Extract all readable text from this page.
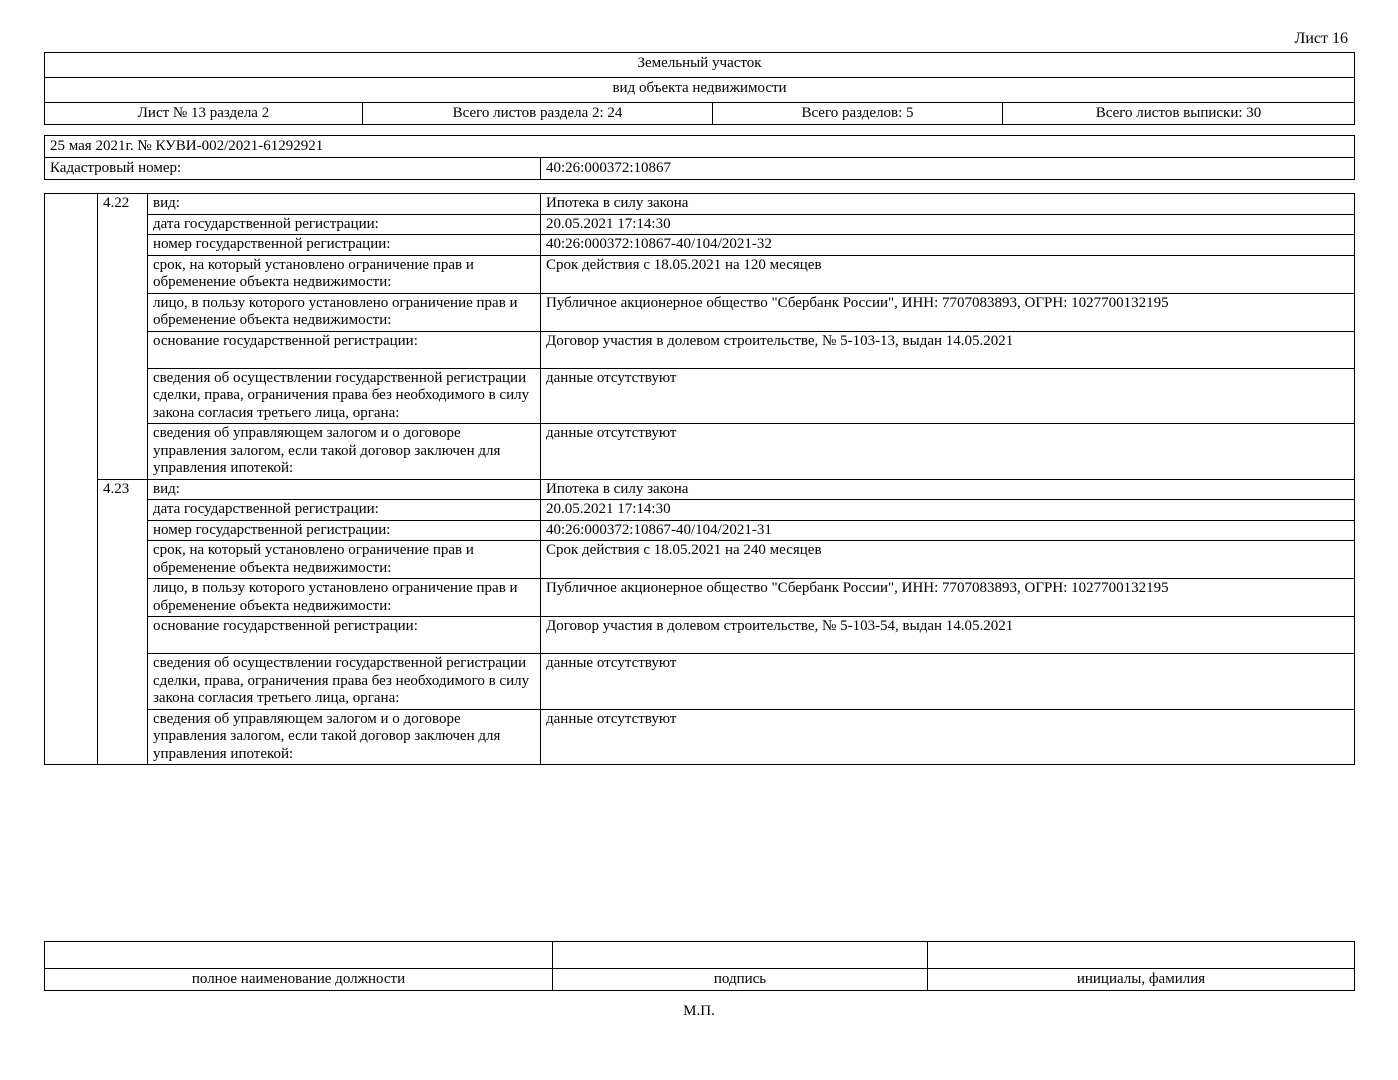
Лист 16
Земельный участок
вид объекта недвижимости
Лист № 13 раздела 2	Всего листов раздела 2: 24	Всего разделов: 5	Всего листов выписки: 30
25 мая 2021г. № КУВИ-002/2021-61292921
Кадастровый номер:	40:26:000372:10867
	4.22	вид:	Ипотека в силу закона
		дата государственной регистрации:	20.05.2021 17:14:30
		номер государственной регистрации:	40:26:000372:10867-40/104/2021-32
		срок, на который установлено ограничение прав и обременение объекта недвижимости:	Срок действия с 18.05.2021 на 120 месяцев
		лицо, в пользу которого установлено ограничение прав и обременение объекта недвижимости:	Публичное акционерное общество "Сбербанк России", ИНН: 7707083893, ОГРН: 1027700132195
		основание государственной регистрации:	Договор участия в долевом строительстве, № 5-103-13, выдан 14.05.2021
		сведения об осуществлении государственной регистрации сделки, права, ограничения права без необходимого в силу закона согласия третьего лица, органа:	данные отсутствуют
		сведения об управляющем залогом и о договоре управления залогом, если такой договор заключен для управления ипотекой:	данные отсутствуют
	4.23	вид:	Ипотека в силу закона
		дата государственной регистрации:	20.05.2021 17:14:30
		номер государственной регистрации:	40:26:000372:10867-40/104/2021-31
		срок, на который установлено ограничение прав и обременение объекта недвижимости:	Срок действия с 18.05.2021 на 240 месяцев
		лицо, в пользу которого установлено ограничение прав и обременение объекта недвижимости:	Публичное акционерное общество "Сбербанк России", ИНН: 7707083893, ОГРН: 1027700132195
		основание государственной регистрации:	Договор участия в долевом строительстве, № 5-103-54, выдан 14.05.2021
		сведения об осуществлении государственной регистрации сделки, права, ограничения права без необходимого в силу закона согласия третьего лица, органа:	данные отсутствуют
		сведения об управляющем залогом и о договоре управления залогом, если такой договор заключен для управления ипотекой:	данные отсутствуют

полное наименование должности	подпись	инициалы, фамилия
М.П.
